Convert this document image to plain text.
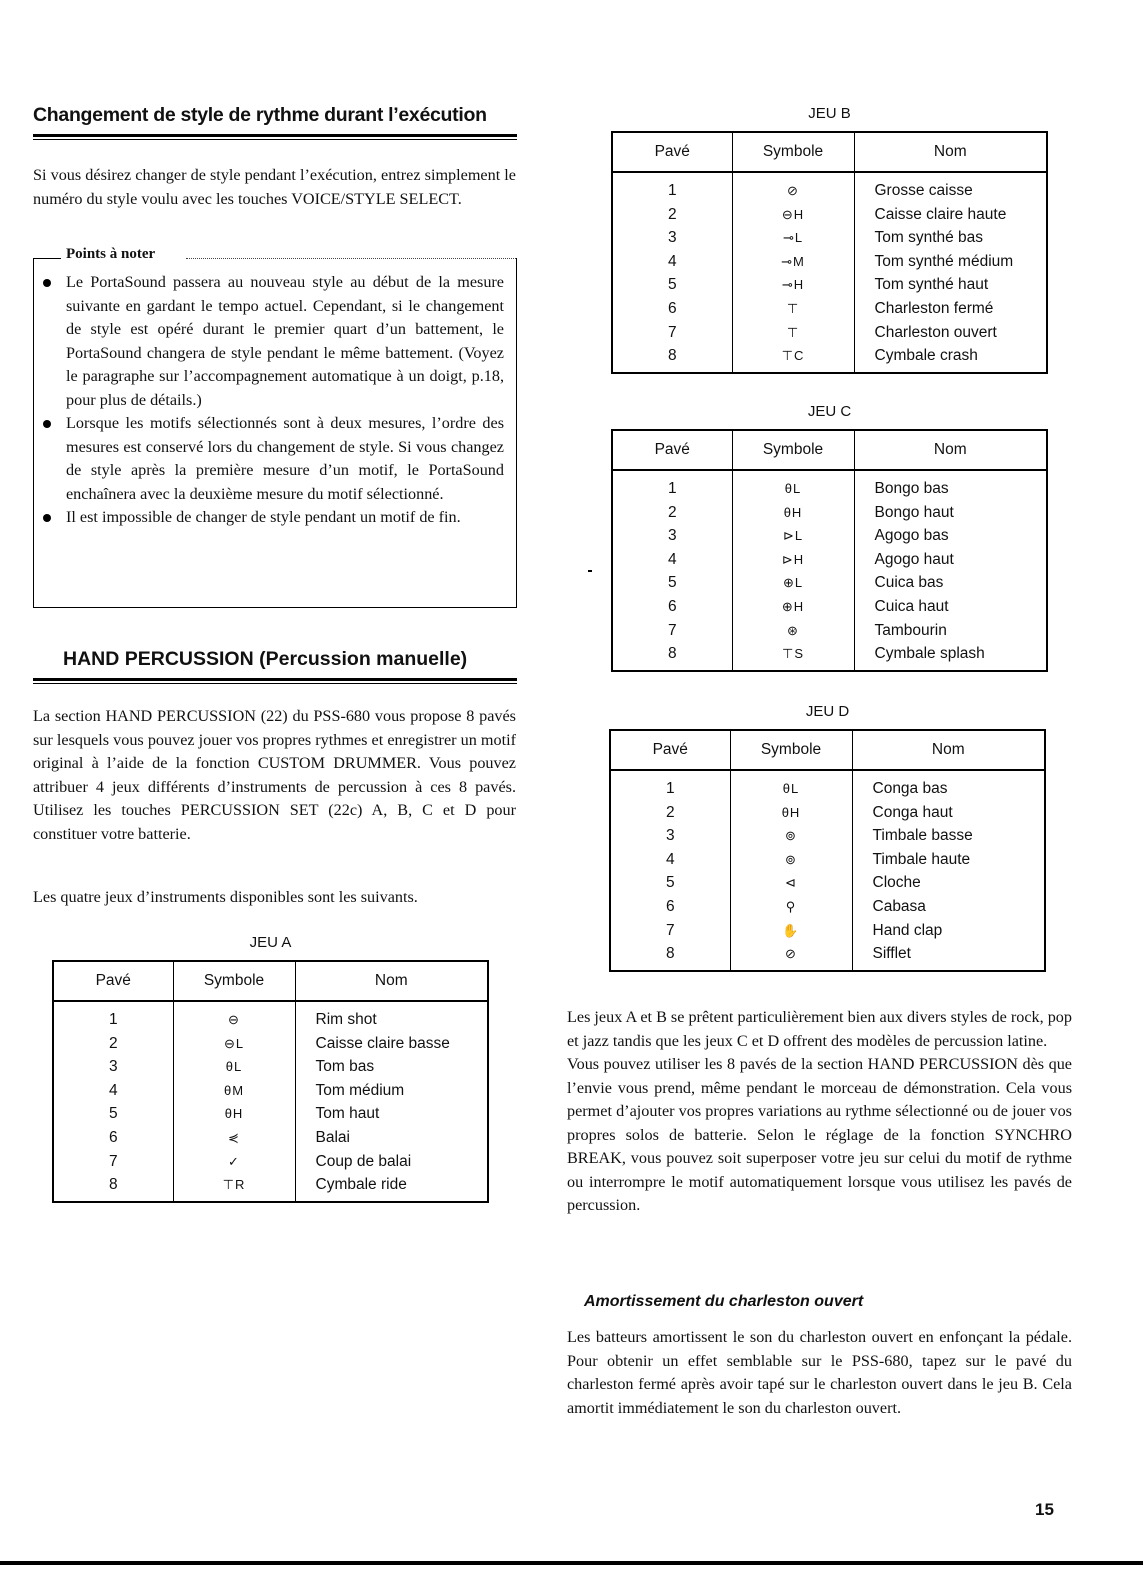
Changement de style de rythme durant l’exécution
Si vous désirez changer de style pendant l’exécution, entrez simplement le numéro du style voulu avec les touches VOICE/STYLE SELECT.
Points à noter
Le PortaSound passera au nouveau style au début de la mesure suivante en gardant le tempo actuel. Cependant, si le changement de style est opéré durant le premier quart d’un battement, le PortaSound changera de style pendant le même battement. (Voyez le paragraphe sur l’accompagnement automatique à un doigt, p.18, pour plus de détails.)
Lorsque les motifs sélectionnés sont à deux mesures, l’ordre des mesures est conservé lors du changement de style. Si vous changez de style après la première mesure d’un motif, le PortaSound enchaînera avec la deuxième mesure du motif sélectionné.
Il est impossible de changer de style pendant un motif de fin.
HAND PERCUSSION (Percussion manuelle)
La section HAND PERCUSSION (22) du PSS-680 vous propose 8 pavés sur lesquels vous pouvez jouer vos propres rythmes et enregistrer un motif original à l’aide de la fonction CUSTOM DRUMMER. Vous pouvez attribuer 4 jeux différents d’instruments de percussion à ces 8 pavés. Utilisez les touches PERCUSSION SET (22c) A, B, C et D pour constituer votre batterie.
Les quatre jeux d’instruments disponibles sont les suivants.
JEU A
Pavé	Symbole	Nom
1	⊖	Rim shot
2	⊖L	Caisse claire basse
3	θL	Tom bas
4	θM	Tom médium
5	θH	Tom haut
6	⋞	Balai
7	✓	Coup de balai
8	⊤R	Cymbale ride
JEU B
Pavé	Symbole	Nom
1	⊘	Grosse caisse
2	⊖H	Caisse claire haute
3	⊸L	Tom synthé bas
4	⊸M	Tom synthé médium
5	⊸H	Tom synthé haut
6	⊤	Charleston fermé
7	⊤	Charleston ouvert
8	⊤C	Cymbale crash
JEU C
Pavé	Symbole	Nom
1	θL	Bongo bas
2	θH	Bongo haut
3	⊳L	Agogo bas
4	⊳H	Agogo haut
5	⊕L	Cuica bas
6	⊕H	Cuica haut
7	⊛	Tambourin
8	⊤S	Cymbale splash
JEU D
Pavé	Symbole	Nom
1	θL	Conga bas
2	θH	Conga haut
3	⊚	Timbale basse
4	⊚	Timbale haute
5	⊲	Cloche
6	⚲	Cabasa
7	✋	Hand clap
8	⊘	Sifflet
Les jeux A et B se prêtent particulièrement bien aux divers styles de rock, pop et jazz tandis que les jeux C et D offrent des modèles de percussion latine.
Vous pouvez utiliser les 8 pavés de la section HAND PERCUSSION dès que l’envie vous prend, même pendant le morceau de démonstration. Cela vous permet d’ajouter vos propres variations au rythme sélectionné ou de jouer vos propres solos de batterie. Selon le réglage de la fonction SYNCHRO BREAK, vous pouvez soit superposer votre jeu sur celui du motif de rythme ou interrompre le motif automatiquement lorsque vous utilisez les pavés de percussion.
Amortissement du charleston ouvert
Les batteurs amortissent le son du charleston ouvert en enfonçant la pédale. Pour obtenir un effet semblable sur le PSS-680, tapez sur le pavé du charleston fermé après avoir tapé sur le charleston ouvert dans le jeu B. Cela amortit immédiatement le son du charleston ouvert.
15
